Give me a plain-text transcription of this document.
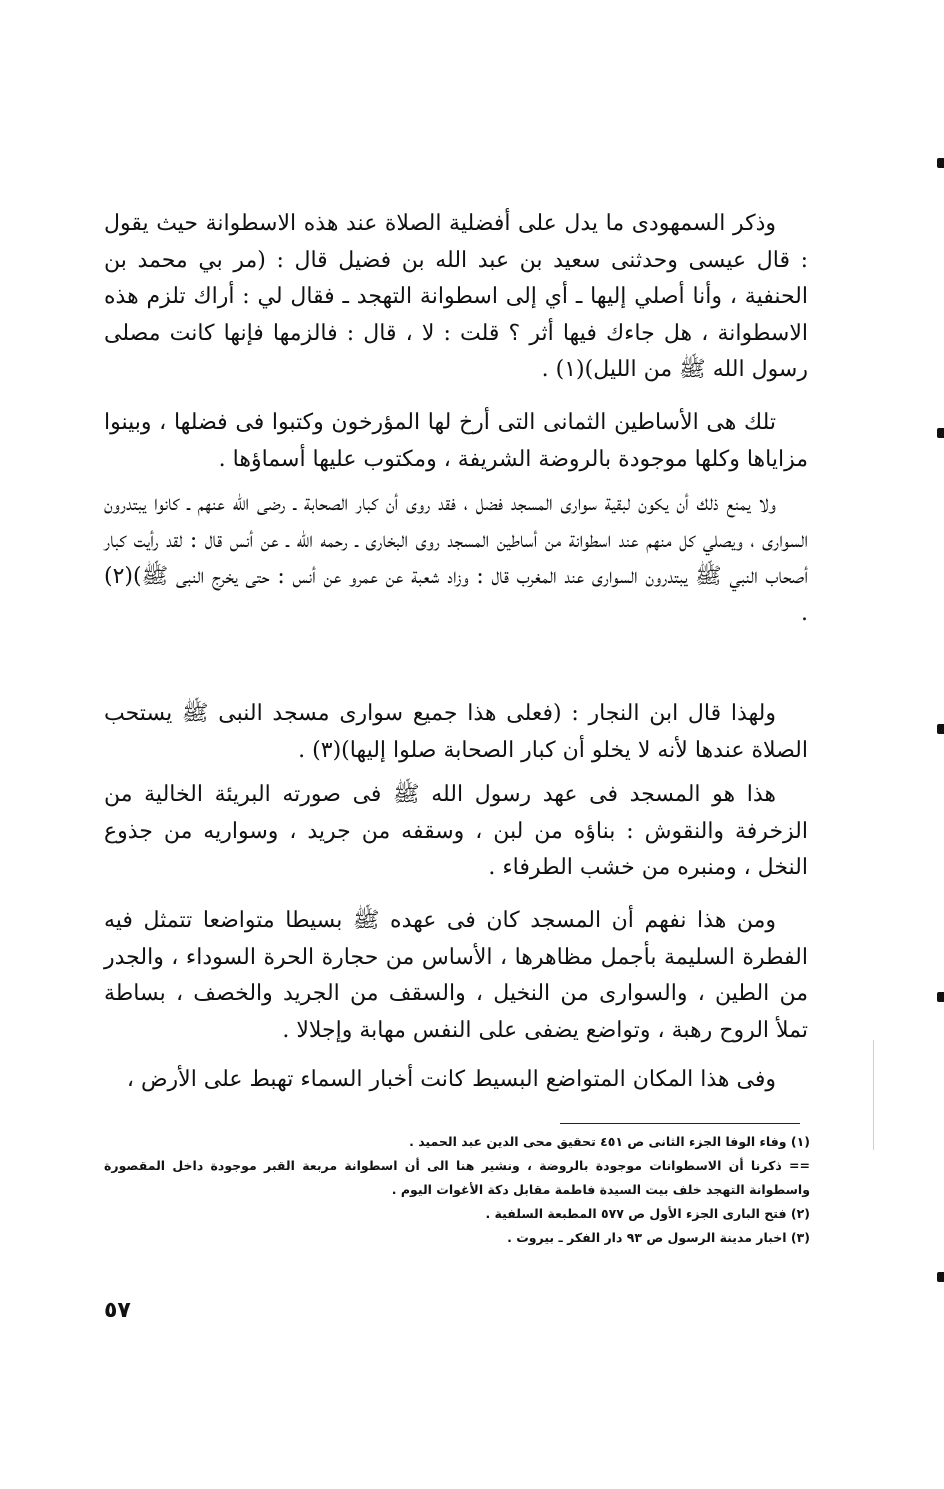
وذكر السمهودى ما يدل على أفضلية الصلاة عند هذه الاسطوانة حيث يقول : قال عيسى وحدثنى سعيد بن عبد الله بن فضيل قال : (مر بي محمد بن الحنفية ، وأنا أصلي إليها ـ أي إلى اسطوانة التهجد ـ فقال لي : أراك تلزم هذه الاسطوانة ، هل جاءك فيها أثر ؟ قلت : لا ، قال : فالزمها فإنها كانت مصلى رسول الله ﷺ من الليل)(١) .

تلك هى الأساطين الثمانى التى أرخ لها المؤرخون وكتبوا فى فضلها ، وبينوا مزاياها وكلها موجودة بالروضة الشريفة ، ومكتوب عليها أسماؤها .

ولا يمنع ذلك أن يكون لبقية سوارى المسجد فضل ، فقد روى أن كبار الصحابة ـ رضى الله عنهم ـ كانوا يبتدرون السوارى ، ويصلي كل منهم عند اسطوانة من أساطين المسجد روى البخارى ـ رحمه الله ـ عن أنس قال : لقد رأيت كبار أصحاب النبي ﷺ يبتدرون السوارى عند المغرب قال : وزاد شعبة عن عمرو عن أنس : حتى يخرج النبى ﷺ)(٢) .

ولهذا قال ابن النجار : (فعلى هذا جميع سوارى مسجد النبى ﷺ يستحب الصلاة عندها لأنه لا يخلو أن كبار الصحابة صلوا إليها)(٣) .

هذا هو المسجد فى عهد رسول الله ﷺ فى صورته البريئة الخالية من الزخرفة والنقوش : بناؤه من لبن ، وسقفه من جريد ، وسواريه من جذوع النخل ، ومنبره من خشب الطرفاء .

ومن هذا نفهم أن المسجد كان فى عهده ﷺ بسيطا متواضعا تتمثل فيه الفطرة السليمة بأجمل مظاهرها ، الأساس من حجارة الحرة السوداء ، والجدر من الطين ، والسوارى من النخيل ، والسقف من الجريد والخصف ، بساطة تملأ الروح رهبة ، وتواضع يضفى على النفس مهابة وإجلالا .

وفى هذا المكان المتواضع البسيط كانت أخبار السماء تهبط على الأرض ،

(١) وفاء الوفا الجزء الثانى ص ٤٥١ تحقيق محى الدين عبد الحميد .
== ذكرنا أن الاسطوانات موجودة بالروضة ، ونشير هنا الى أن اسطوانة مربعة القبر موجودة داخل المقصورة واسطوانة التهجد خلف بيت السيدة فاطمة مقابل دكة الأغوات اليوم .
(٢) فتح البارى الجزء الأول ص ٥٧٧ المطبعة السلفية .
(٣) اخبار مدينة الرسول ص ٩٣ دار الفكر ـ بيروت .
٥٧
